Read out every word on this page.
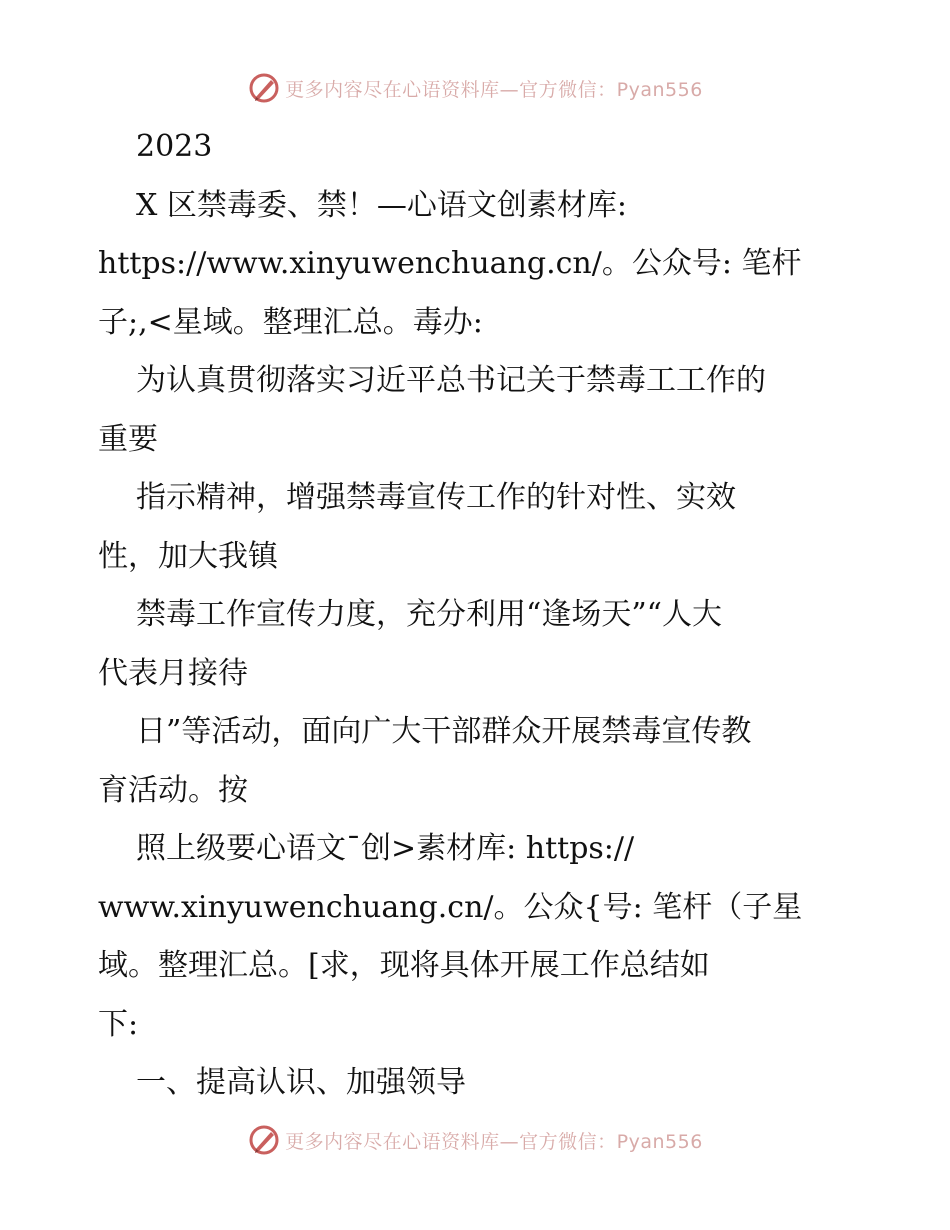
更多内容尽在心语资料库—官方微信：Pyan556
2023
X 区禁毒委、禁！—心语文创素材库:
https://www.xinyuwenchuang.cn/。公众号: 笔杆
子;,<星域。整理汇总。毒办:
为认真贯彻落实习近平总书记关于禁毒工工作的
重要
指示精神，增强禁毒宣传工作的针对性、实效
性，加大我镇
禁毒工作宣传力度，充分利用“逢场天”“人大
代表月接待
日”等活动，面向广大干部群众开展禁毒宣传教
育活动。按
照上级要心语文¯创>素材库: https://
www.xinyuwenchuang.cn/。公众{号: 笔杆（子星
域。整理汇总。[求，现将具体开展工作总结如
下:
一、提高认识、加强领导
更多内容尽在心语资料库—官方微信：Pyan556
